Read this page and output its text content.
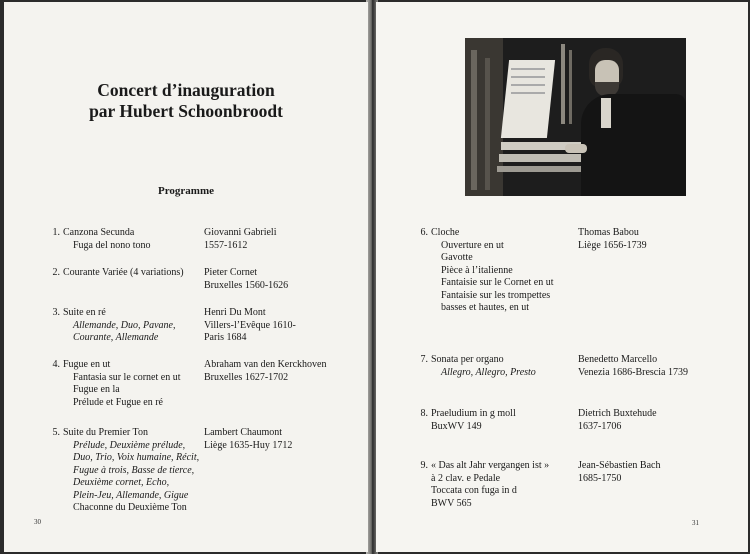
Concert d’inauguration
par Hubert Schoonbroodt
Programme
1. Canzona Secunda
Fuga del nono tono
Giovanni Gabrieli
1557-1612
2. Courante Variée (4 variations) Pieter Cornet
Bruxelles 1560-1626
3. Suite en ré
Allemande, Duo, Pavane,
Courante, Allemande
Henri Du Mont
Villers-l’Evêque 1610-
Paris 1684
4. Fugue en ut
Fantasia sur le cornet en ut
Fugue en la
Prélude et Fugue en ré
Abraham van den Kerckhoven
Bruxelles 1627-1702
5. Suite du Premier Ton
Prélude, Deuxième prélude,
Duo, Trio, Voix humaine, Récit,
Fugue à trois, Basse de tierce,
Deuxième cornet, Echo,
Plein-Jeu, Allemande, Gigue
Chaconne du Deuxième Ton
Lambert Chaumont
Liège 1635-Huy 1712
30
6. Cloche
Ouverture en ut
Gavotte
Pièce à l’italienne
Fantaisie sur le Cornet en ut
Fantaisie sur les trompettes
basses et hautes, en ut
Thomas Babou
Liège 1656-1739
7. Sonata per organo
Allegro, Allegro, Presto
Benedetto Marcello
Venezia 1686-Brescia 1739
8. Praeludium in g moll
BuxWV 149
Dietrich Buxtehude
1637-1706
9. « Das alt Jahr vergangen ist »
à 2 clav. e Pedale
Toccata con fuga in d
BWV 565
Jean-Sébastien Bach
1685-1750
31
